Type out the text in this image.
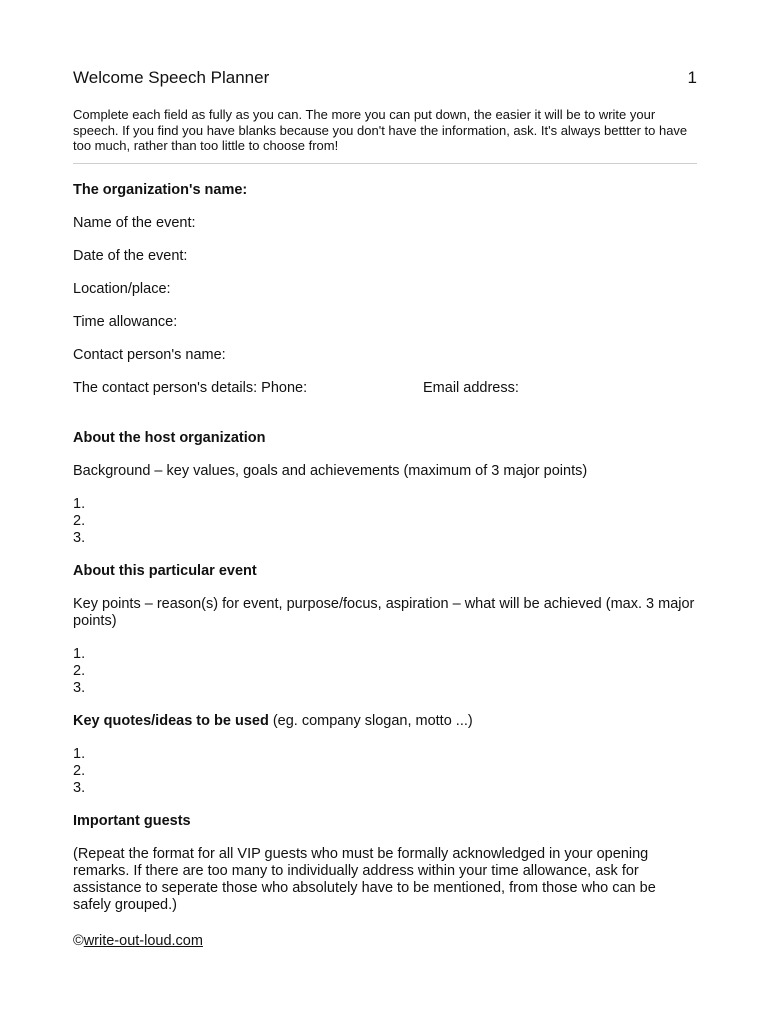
Welcome Speech Planner	1
Complete each field as fully as you can. The more you can put down, the easier it will be to write your speech. If you find you have blanks because you don't have the information, ask. It's always bettter to have too much, rather than too little to choose from!
The organization's name:
Name of the event:
Date of the event:
Location/place:
Time allowance:
Contact person's name:
The contact person's details: Phone:	Email address:
About the host organization
Background – key values, goals and achievements (maximum of 3 major points)
1.
2.
3.
About this particular event
Key points – reason(s) for event, purpose/focus, aspiration – what will be achieved (max. 3 major points)
1.
2.
3.
Key quotes/ideas to be used (eg. company slogan, motto ...)
1.
2.
3.
Important guests
(Repeat the format for all VIP guests who must be formally acknowledged in your opening remarks. If there are too many to individually address within your time allowance, ask for assistance to seperate those who absolutely have to be mentioned, from those who can be safely grouped.)
©write-out-loud.com
